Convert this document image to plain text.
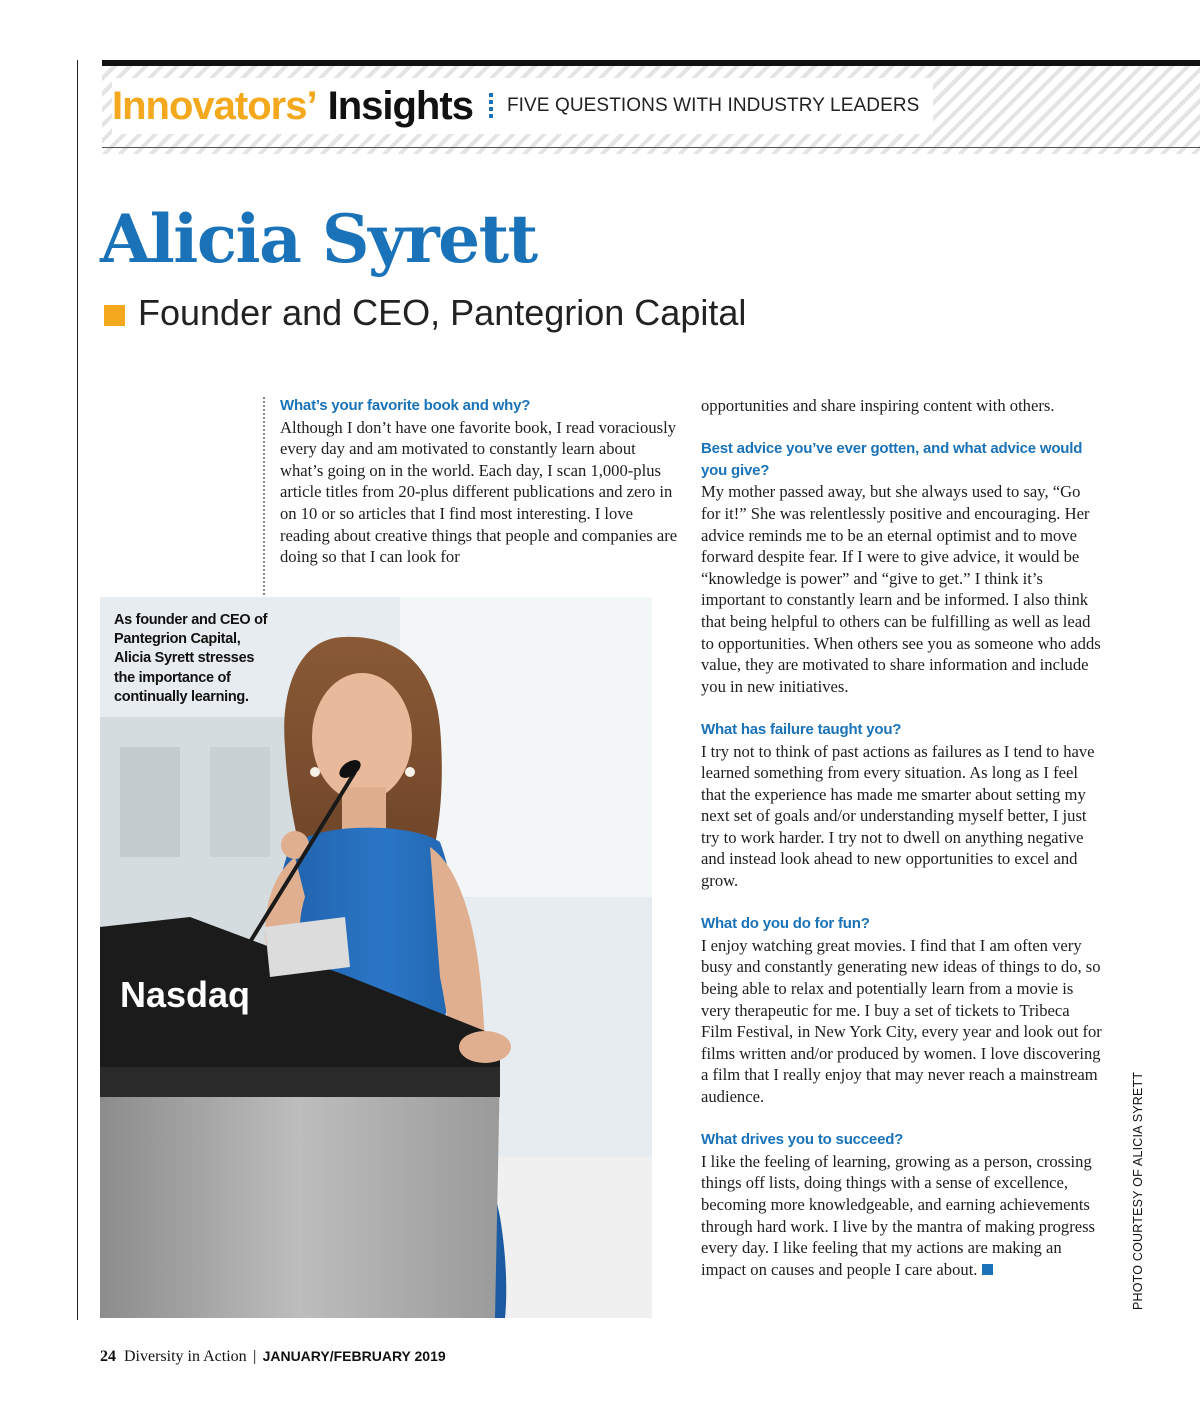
Innovators’ Insights FIVE QUESTIONS WITH INDUSTRY LEADERS
Alicia Syrett
Founder and CEO, Pantegrion Capital
What’s your favorite book and why?
Although I don’t have one favorite book, I read voraciously every day and am motivated to constantly learn about what’s going on in the world. Each day, I scan 1,000-plus article titles from 20-plus different publications and zero in on 10 or so articles that I find most interesting. I love reading about creative things that people and companies are doing so that I can look for
opportunities and share inspiring content with others.
Best advice you’ve ever gotten, and what advice would you give?
My mother passed away, but she always used to say, “Go for it!” She was relentlessly positive and encouraging. Her advice reminds me to be an eternal optimist and to move forward despite fear. If I were to give advice, it would be “knowledge is power” and “give to get.” I think it’s important to constantly learn and be informed. I also think that being helpful to others can be fulfilling as well as lead to opportunities. When others see you as someone who adds value, they are motivated to share information and include you in new initiatives.
What has failure taught you?
I try not to think of past actions as failures as I tend to have learned something from every situation. As long as I feel that the experience has made me smarter about setting my next set of goals and/or understanding myself better, I just try to work harder. I try not to dwell on anything negative and instead look ahead to new opportunities to excel and grow.
What do you do for fun?
I enjoy watching great movies. I find that I am often very busy and constantly generating new ideas of things to do, so being able to relax and potentially learn from a movie is very therapeutic for me. I buy a set of tickets to Tribeca Film Festival, in New York City, every year and look out for films written and/or produced by women. I love discovering a film that I really enjoy that may never reach a mainstream audience.
What drives you to succeed?
I like the feeling of learning, growing as a person, crossing things off lists, doing things with a sense of excellence, becoming more knowledgeable, and earning achievements through hard work. I live by the mantra of making progress every day. I like feeling that my actions are making an impact on causes and people I care about.
Nasdaq
As founder and CEO of Pantegrion Capital, Alicia Syrett stresses the importance of continually learning.
PHOTO COURTESY OF ALICIA SYRETT
24 Diversity in Action | JANUARY/FEBRUARY 2019
